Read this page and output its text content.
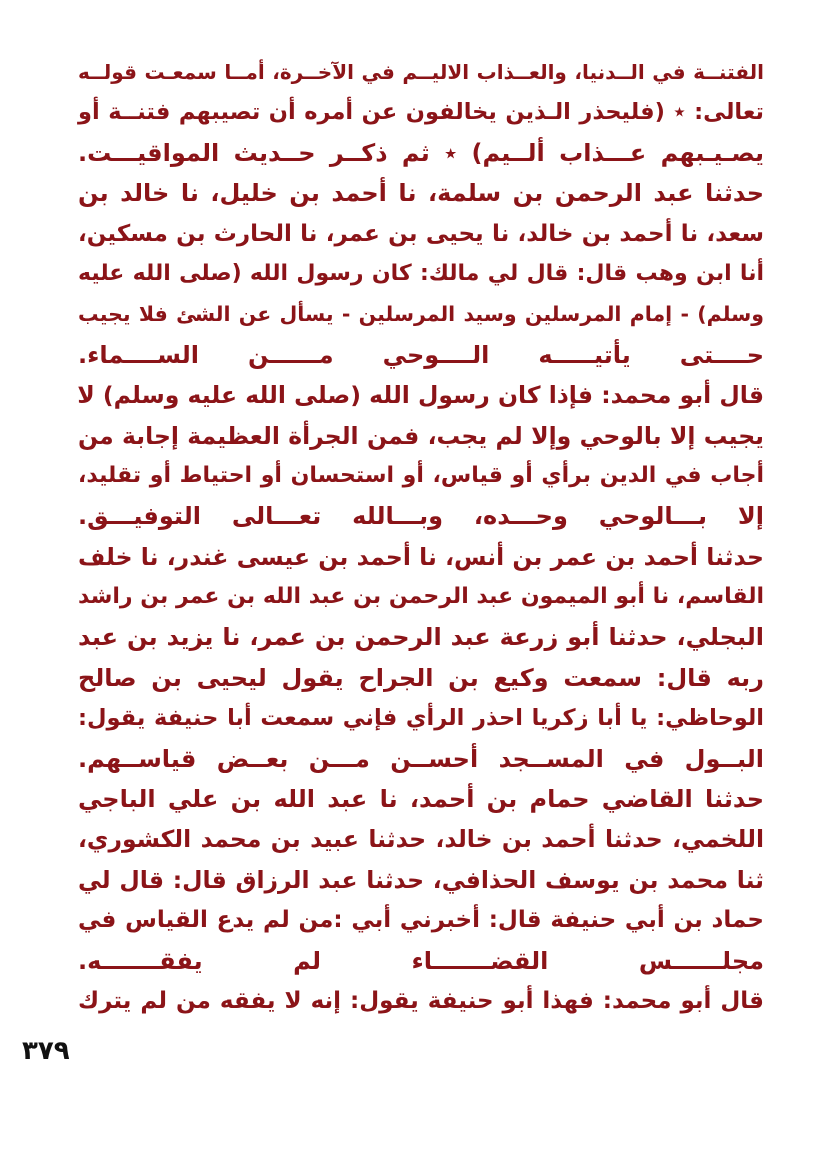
الفتنــة في الــدنيا، والعــذاب الاليــم في الآخــرة، أمــا سمعـت قولــه
تعالى: ٭ (فليحذر الـذين يخالفون عن أمره أن تصيبهم فتنــة أو
يصـيـبهم عـــذاب ألــيم) ٭ ثم ذكــر حــديث المواقيـــت.
حدثنا عبد الرحمن بن سلمة، نا أحمد بن خليل، نا خالد بن
سعد، نا أحمد بن خالد، نا يحيى بن عمر، نا الحارث بن مسكين،
أنا ابن وهب قال: قال لي مالك: كان رسول الله (صلى الله عليه
وسلم) - إمام المرسلين وسيد المرسلين - يسأل عن الشئ فلا يجيب
حــــتى يأتيـــــه الــــوحي مــــــن الســــماء.
قال أبو محمد: فإذا كان رسول الله (صلى الله عليه وسلم) لا
يجيب إلا بالوحي وإلا لم يجب، فمن الجرأة العظيمة إجابة من
أجاب في الدين برأي أو قياس، أو استحسان أو احتياط أو تقليد،
إلا بـــالوحي وحـــده، وبـــالله تعـــالى التوفيـــق.
حدثنا أحمد بن عمر بن أنس، نا أحمد بن عيسى غندر، نا خلف
القاسم، نا أبو الميمون عبد الرحمن بن عبد الله بن عمر بن راشد
البجلي، حدثنا أبو زرعة عبد الرحمن بن عمر، نا يزيد بن عبد
ربه قال: سمعت وكيع بن الجراح يقول ليحيى بن صالح
الوحاظي: يا أبا زكريا احذر الرأي فإني سمعت أبا حنيفة يقول:
البــول في المســجد أحســن مـــن بعــض قياســهم.
حدثنا القاضي حمام بن أحمد، نا عبد الله بن علي الباجي
اللخمي، حدثنا أحمد بن خالد، حدثنا عبيد بن محمد الكشوري،
ثنا محمد بن يوسف الحذافي، حدثنا عبد الرزاق قال: قال لي
حماد بن أبي حنيفة قال: أخبرني أبي :من لم يدع القياس في
مجلــــــس القضـــــــاء لم يفقـــــــه.
قال أبو محمد: فهذا أبو حنيفة يقول: إنه لا يفقه من لم يترك
٣٧٩
